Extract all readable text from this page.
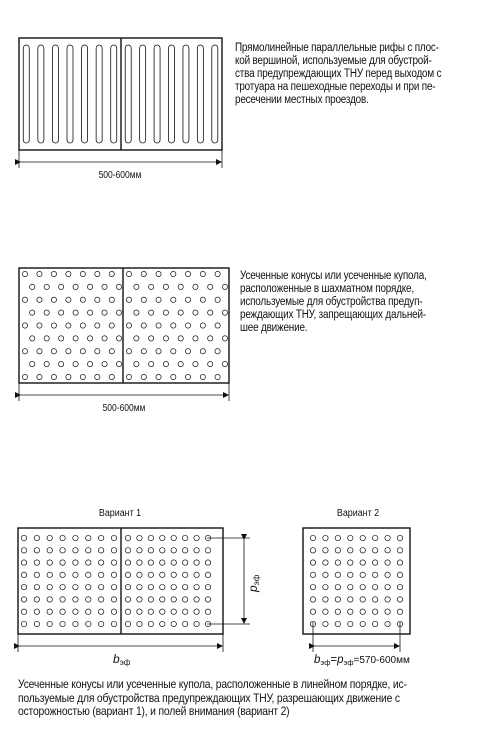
500-600мм
500-600мм
Вариант 1
bэф
pэф
Вариант 2
bэф=pэф=570-600мм
Прямолинейные параллельные рифы с плос-
кой вершиной, используемые для обустрой-
ства предупреждающих ТНУ перед выходом с
тротуара на пешеходные переходы и при пе-
ресечении местных проездов.
Усеченные конусы или усеченные купола,
расположенные в шахматном порядке,
используемые для обустройства предуп-
реждающих ТНУ, запрещающих дальней-
шее движение.
Усеченные конусы или усеченные купола, расположенные в линейном порядке, ис-
пользуемые для обустройства предупреждающих ТНУ, разрешающих движение с
осторожностью (вариант 1), и полей внимания (вариант 2)
